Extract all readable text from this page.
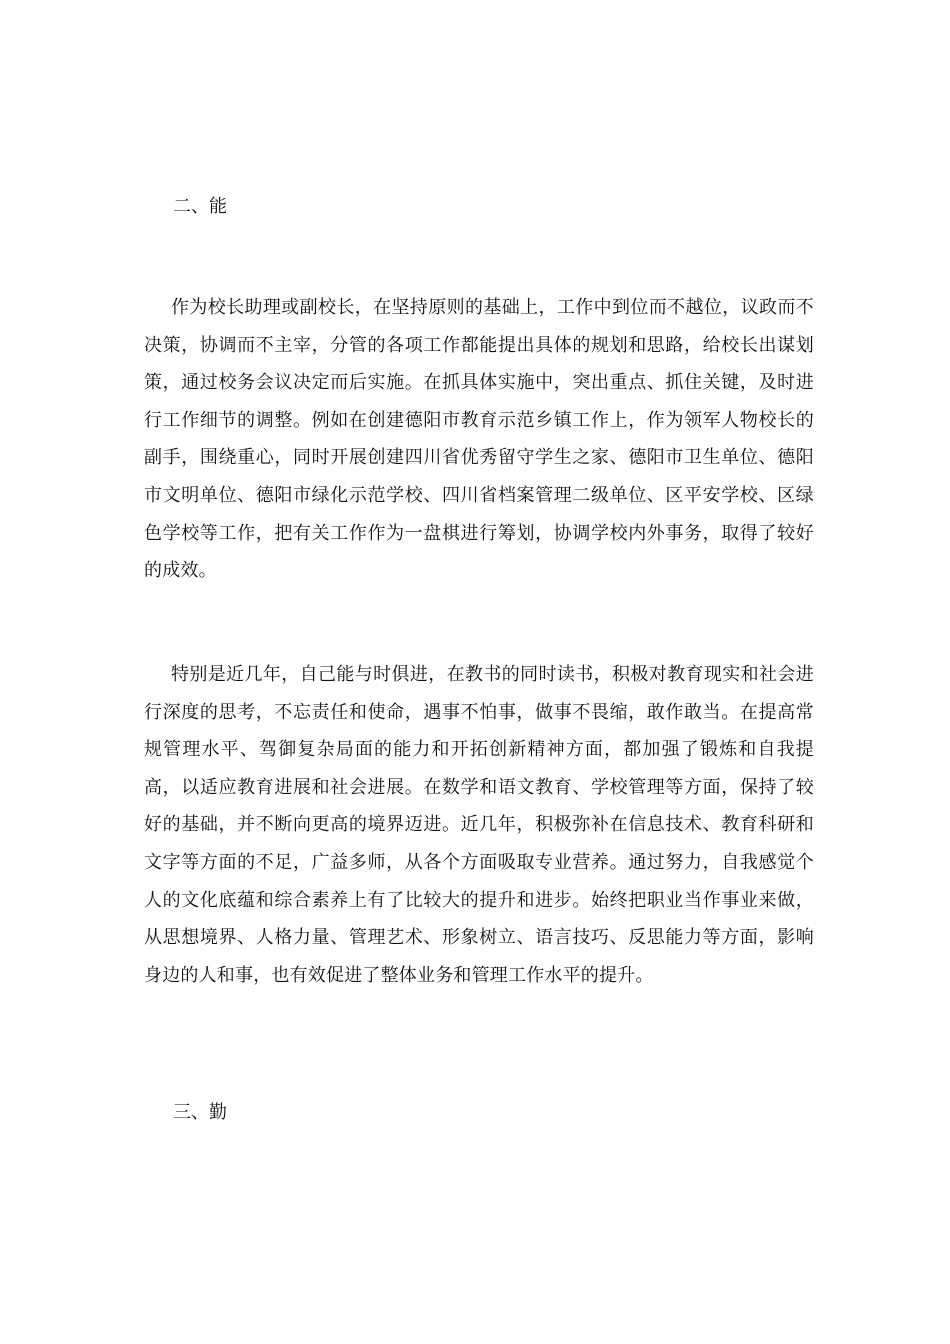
二、能

作为校长助理或副校长，在坚持原则的基础上，工作中到位而不越位，议政而不决策，协调而不主宰，分管的各项工作都能提出具体的规划和思路，给校长出谋划策，通过校务会议决定而后实施。在抓具体实施中，突出重点、抓住关键，及时进行工作细节的调整。例如在创建德阳市教育示范乡镇工作上，作为领军人物校长的副手，围绕重心，同时开展创建四川省优秀留守学生之家、德阳市卫生单位、德阳市文明单位、德阳市绿化示范学校、四川省档案管理二级单位、区平安学校、区绿色学校等工作，把有关工作作为一盘棋进行筹划，协调学校内外事务，取得了较好的成效。

特别是近几年，自己能与时俱进，在教书的同时读书，积极对教育现实和社会进行深度的思考，不忘责任和使命，遇事不怕事，做事不畏缩，敢作敢当。在提高常规管理水平、驾御复杂局面的能力和开拓创新精神方面，都加强了锻炼和自我提高，以适应教育进展和社会进展。在数学和语文教育、学校管理等方面，保持了较好的基础，并不断向更高的境界迈进。近几年，积极弥补在信息技术、教育科研和文字等方面的不足，广益多师，从各个方面吸取专业营养。通过努力，自我感觉个人的文化底蕴和综合素养上有了比较大的提升和进步。始终把职业当作事业来做，从思想境界、人格力量、管理艺术、形象树立、语言技巧、反思能力等方面，影响身边的人和事，也有效促进了整体业务和管理工作水平的提升。

三、勤
